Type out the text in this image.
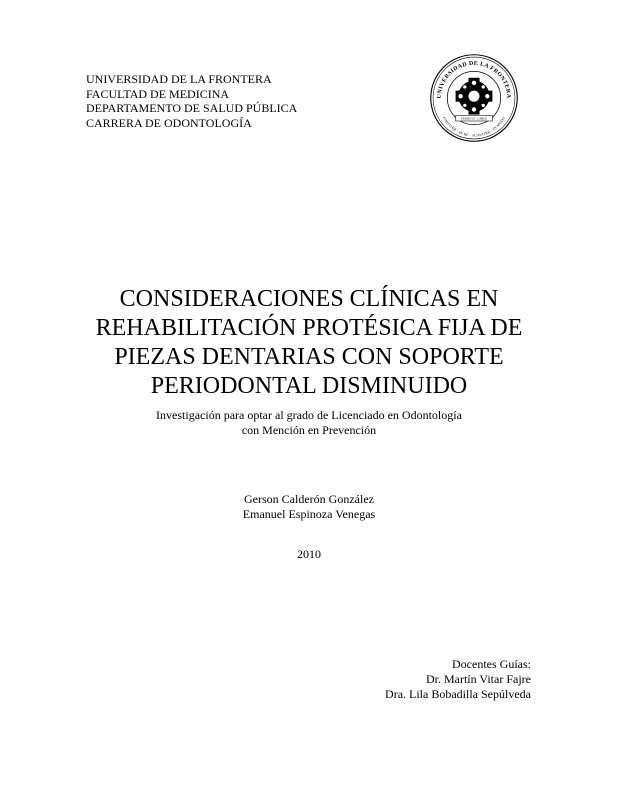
UNIVERSIDAD DE LA FRONTERA
FACULTAD DE MEDICINA
DEPARTAMENTO DE SALUD PÚBLICA
CARRERA DE ODONTOLOGÍA
UNIVERSIDAD DE LA FRONTERA
FORTITER · IN RE · SUAVITER · IN MODO
TEMUCO · CHILE
CONSIDERACIONES CLÍNICAS EN
REHABILITACIÓN PROTÉSICA FIJA DE
PIEZAS DENTARIAS CON SOPORTE
PERIODONTAL DISMINUIDO
Investigación para optar al grado de Licenciado en Odontología
con Mención en Prevención
Gerson Calderón González
Emanuel Espinoza Venegas
2010
Docentes Guías:
Dr. Martín Vitar Fajre
Dra. Lila Bobadilla Sepúlveda
